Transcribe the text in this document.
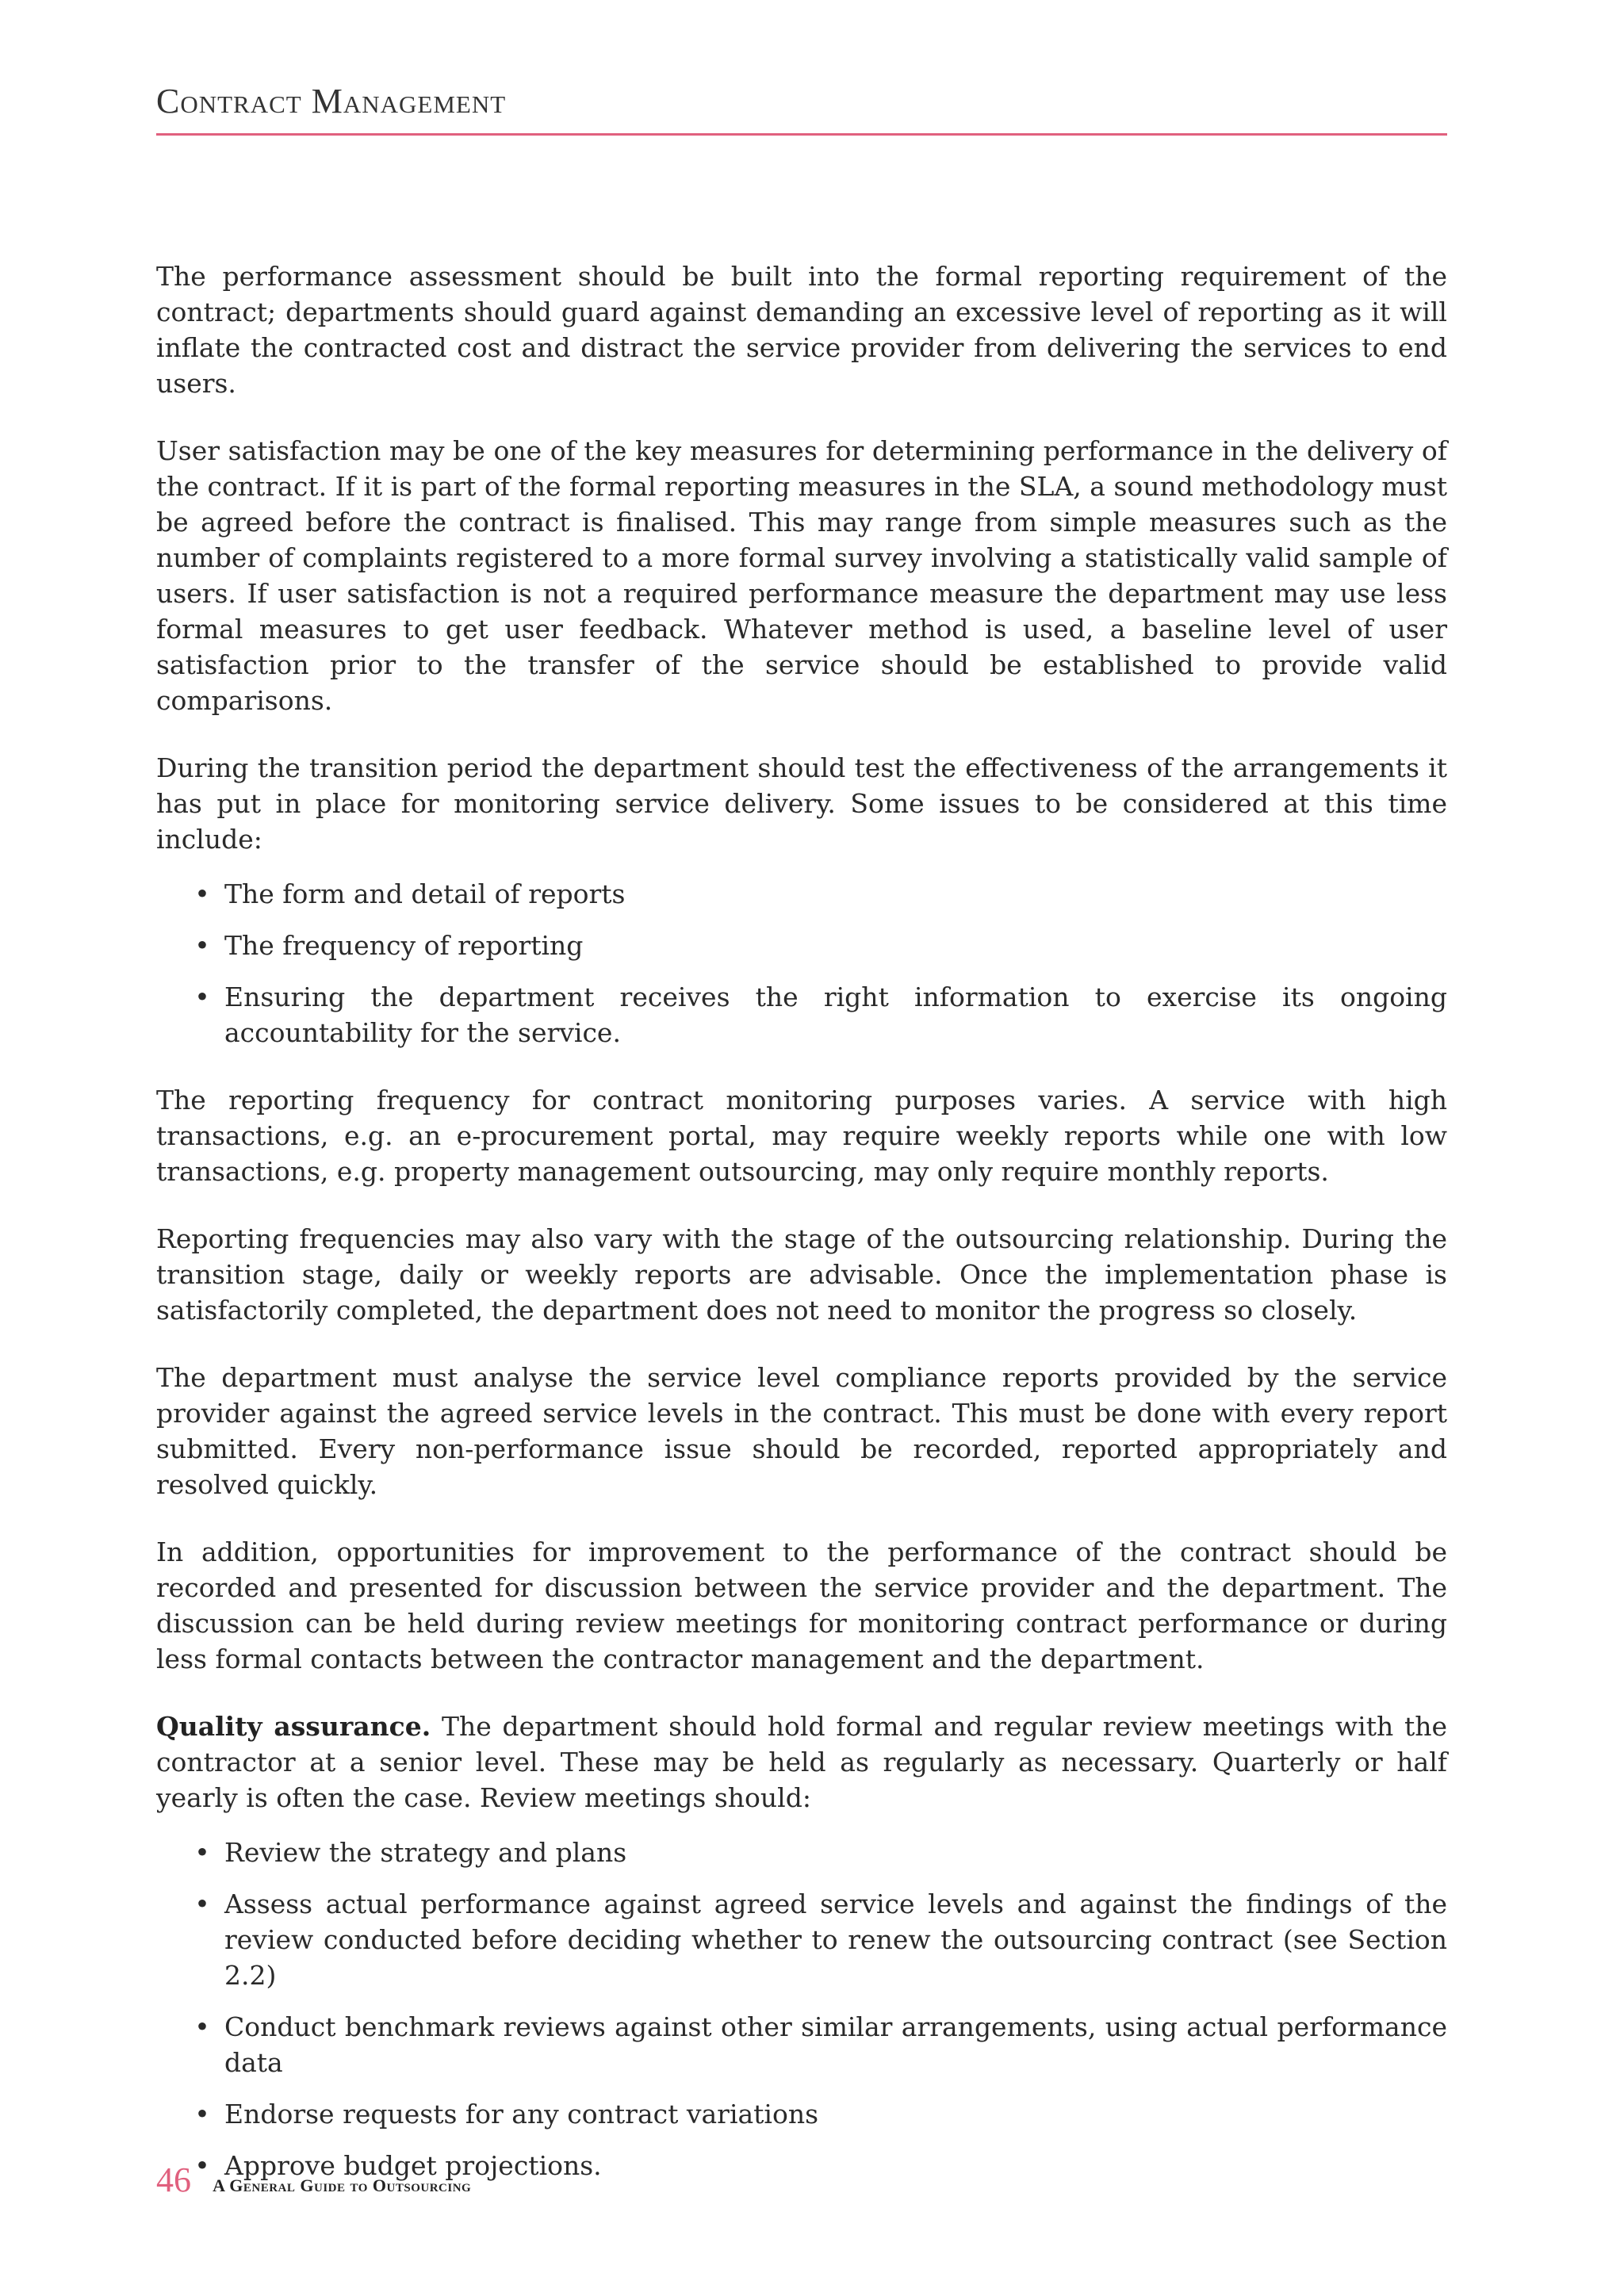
Contract Management

The performance assessment should be built into the formal reporting requirement of the contract; departments should guard against demanding an excessive level of reporting as it will inflate the contracted cost and distract the service provider from delivering the services to end users.

User satisfaction may be one of the key measures for determining performance in the delivery of the contract. If it is part of the formal reporting measures in the SLA, a sound methodology must be agreed before the contract is finalised. This may range from simple measures such as the number of complaints registered to a more formal survey involving a statistically valid sample of users. If user satisfaction is not a required performance measure the department may use less formal measures to get user feedback. Whatever method is used, a baseline level of user satisfaction prior to the transfer of the service should be established to provide valid comparisons.

During the transition period the department should test the effectiveness of the arrangements it has put in place for monitoring service delivery. Some issues to be considered at this time include:

• The form and detail of reports
• The frequency of reporting
• Ensuring the department receives the right information to exercise its ongoing accountability for the service.

The reporting frequency for contract monitoring purposes varies. A service with high transactions, e.g. an e-procurement portal, may require weekly reports while one with low transactions, e.g. property management outsourcing, may only require monthly reports.

Reporting frequencies may also vary with the stage of the outsourcing relationship. During the transition stage, daily or weekly reports are advisable. Once the implementation phase is satisfactorily completed, the department does not need to monitor the progress so closely.

The department must analyse the service level compliance reports provided by the service provider against the agreed service levels in the contract. This must be done with every report submitted. Every non-performance issue should be recorded, reported appropriately and resolved quickly.

In addition, opportunities for improvement to the performance of the contract should be recorded and presented for discussion between the service provider and the department. The discussion can be held during review meetings for monitoring contract performance or during less formal contacts between the contractor management and the department.

Quality assurance. The department should hold formal and regular review meetings with the contractor at a senior level. These may be held as regularly as necessary. Quarterly or half yearly is often the case. Review meetings should:

• Review the strategy and plans
• Assess actual performance against agreed service levels and against the findings of the review conducted before deciding whether to renew the outsourcing contract (see Section 2.2)
• Conduct benchmark reviews against other similar arrangements, using actual performance data
• Endorse requests for any contract variations
• Approve budget projections.
46 A General Guide to Outsourcing
